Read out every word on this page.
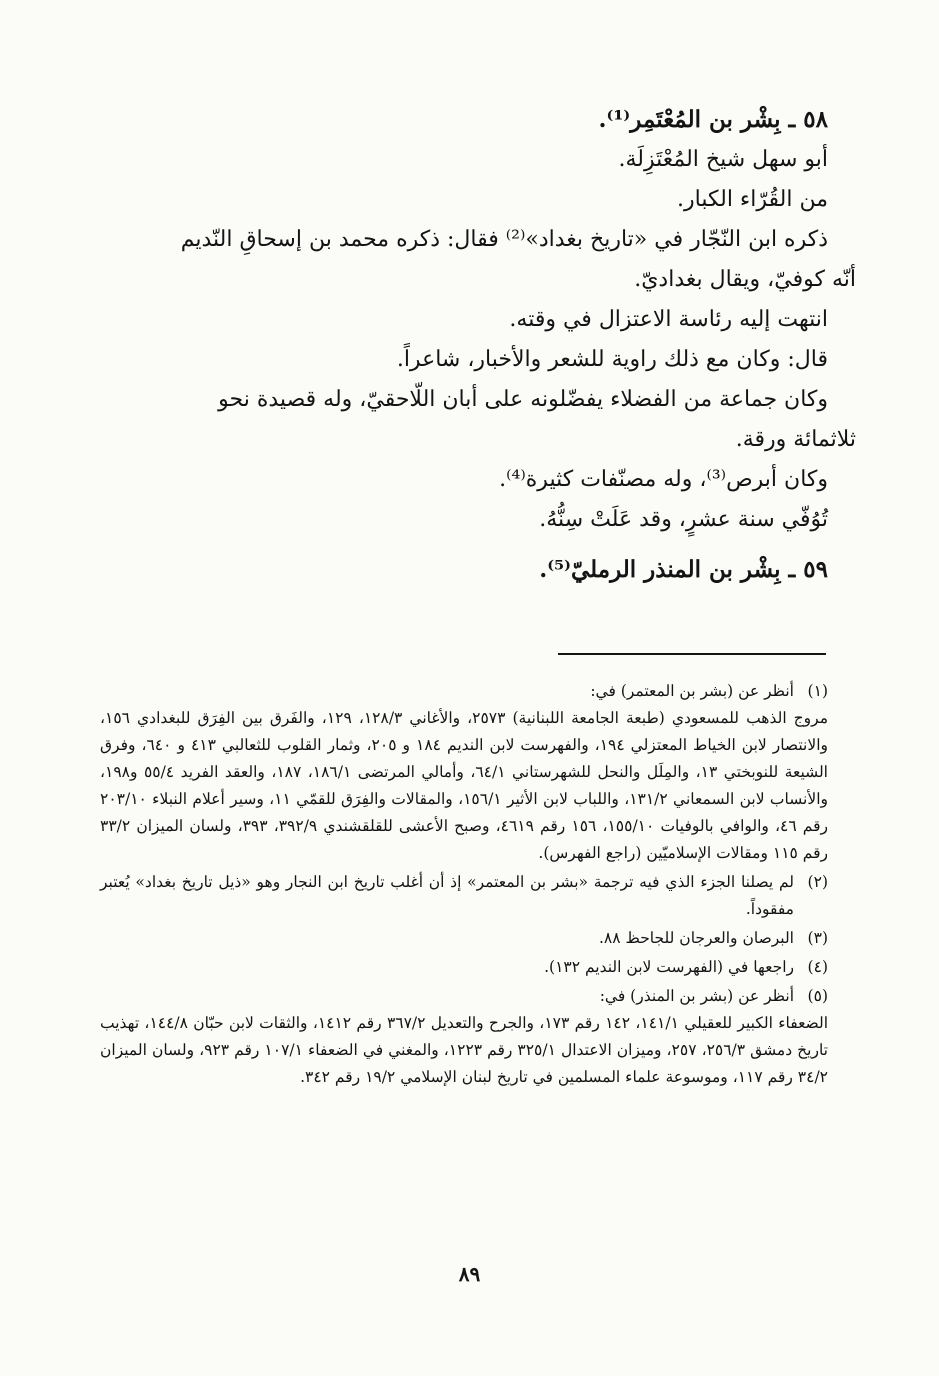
٥٨ ـ بِشْر بن المُعْتَمِر⁽¹⁾.

أبو سهل شيخ المُعْتَزِلَة.

من القُرّاء الكبار.

ذكره ابن النّجّار في «تاريخ بغداد»⁽²⁾ فقال: ذكره محمد بن إسحاقِ النّديم

أنّه كوفيّ، ويقال بغداديّ.

انتهت إليه رئاسة الاعتزال في وقته.

قال: وكان مع ذلك راوية للشعر والأخبار، شاعراً.

وكان جماعة من الفضلاء يفضّلونه على أبان اللّاحقيّ، وله قصيدة نحو

ثلاثمائة ورقة.

وكان أبرص⁽³⁾، وله مصنّفات كثيرة⁽⁴⁾.

تُوُفّي سنة عشرٍ، وقد عَلَتْ سِنُّهُ.

٥٩ ـ بِشْر بن المنذر الرمليّ⁽⁵⁾.

(١)

أنظر عن (بشر بن المعتمر) في:

مروج الذهب للمسعودي (طبعة الجامعة اللبنانية) ٢٥٧٣، والأغاني ١٢٨/٣، ١٢٩، والفَرق بين الفِرَق للبغدادي ١٥٦، والانتصار لابن الخياط المعتزلي ١٩٤، والفهرست لابن النديم ١٨٤ و ٢٠٥، وثمار القلوب للثعالبي ٤١٣ و ٦٤٠، وفرق الشيعة للنوبختي ١٣، والمِلَل والنحل للشهرستاني ٦٤/١، وأمالي المرتضى ١٨٦/١، ١٨٧، والعقد الفريد ٥٥/٤ و١٩٨، والأنساب لابن السمعاني ١٣١/٢، واللباب لابن الأثير ١٥٦/١، والمقالات والفِرَق للقمّي ١١، وسير أعلام النبلاء ٢٠٣/١٠ رقم ٤٦، والوافي بالوفيات ١٥٥/١٠، ١٥٦ رقم ٤٦١٩، وصبح الأعشى للقلقشندي ٣٩٢/٩، ٣٩٣، ولسان الميزان ٣٣/٢ رقم ١١٥ ومقالات الإسلاميّين (راجع الفهرس).

(٢)

لم يصلنا الجزء الذي فيه ترجمة «بشر بن المعتمر» إذ أن أغلب تاريخ ابن النجار وهو «ذيل تاريخ بغداد» يُعتبر مفقوداً.

(٣)

البرصان والعرجان للجاحظ ٨٨.

(٤)

راجعها في (الفهرست لابن النديم ١٣٢).

(٥)

أنظر عن (بشر بن المنذر) في:

الضعفاء الكبير للعقيلي ١٤١/١، ١٤٢ رقم ١٧٣، والجرح والتعديل ٣٦٧/٢ رقم ١٤١٢، والثقات لابن حبّان ١٤٤/٨، تهذيب تاريخ دمشق ٢٥٦/٣، ٢٥٧، وميزان الاعتدال ٣٢٥/١ رقم ١٢٢٣، والمغني في الضعفاء ١٠٧/١ رقم ٩٢٣، ولسان الميزان ٣٤/٢ رقم ١١٧، وموسوعة علماء المسلمين في تاريخ لبنان الإسلامي ١٩/٢ رقم ٣٤٢.

٨٩
